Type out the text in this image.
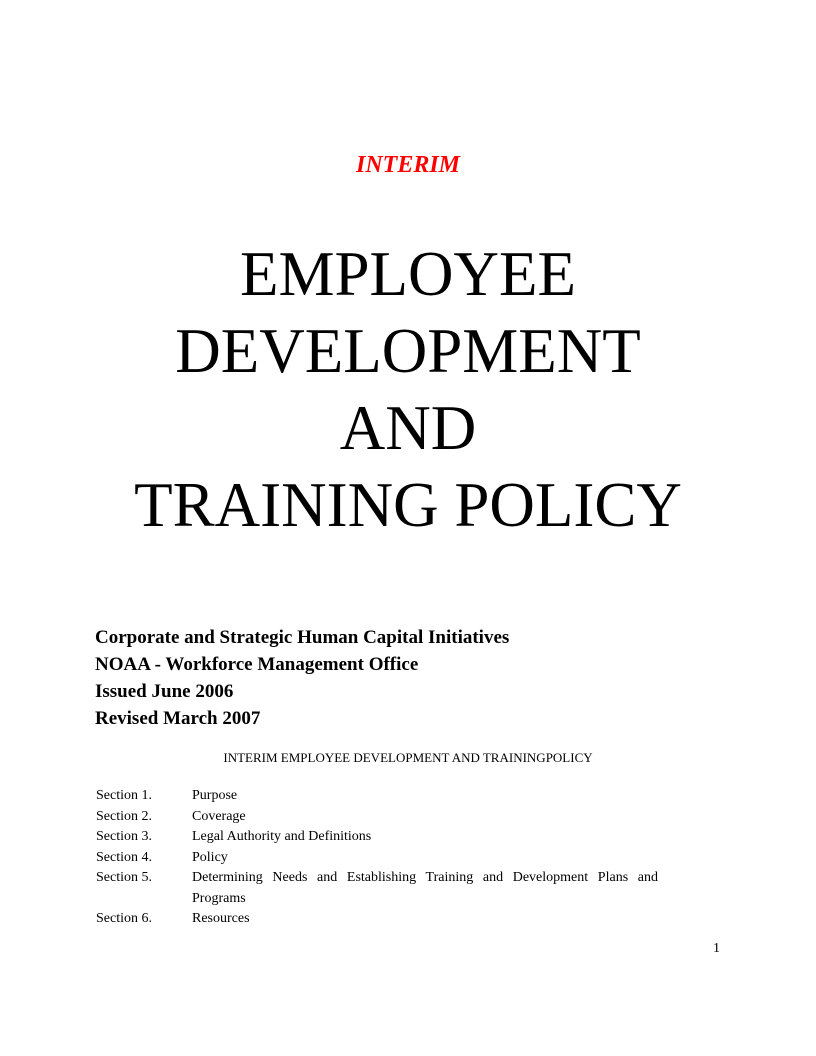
INTERIM
EMPLOYEE
DEVELOPMENT
AND
TRAINING POLICY
Corporate and Strategic Human Capital Initiatives
NOAA - Workforce Management Office
Issued June 2006
Revised March 2007
INTERIM EMPLOYEE DEVELOPMENT AND TRAININGPOLICY
Section 1.	Purpose
Section 2.	Coverage
Section 3.	Legal Authority and Definitions
Section 4.	Policy
Section 5.	Determining Needs and Establishing Training and Development Plans and Programs
Section 6.	Resources
1
